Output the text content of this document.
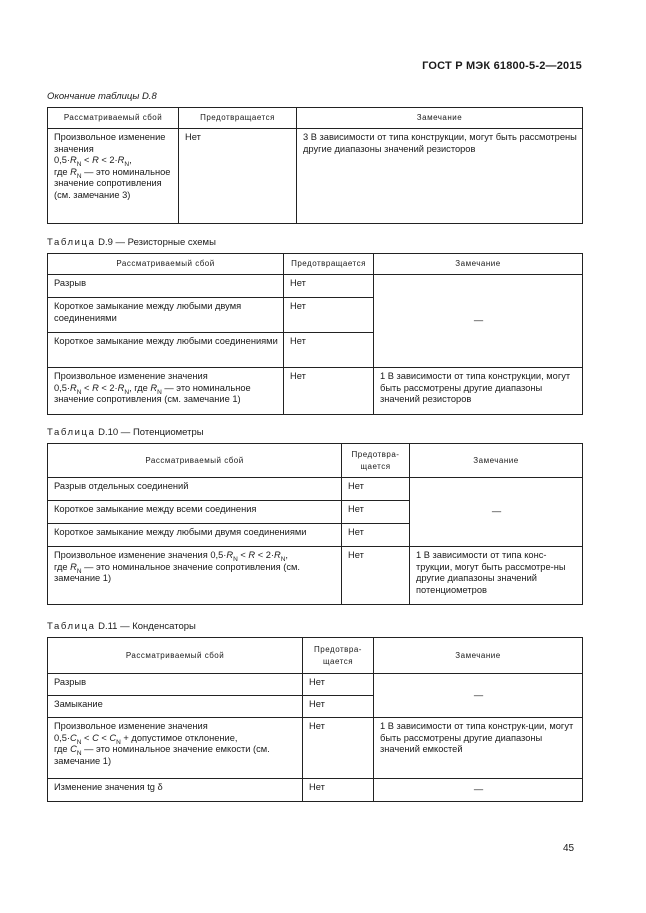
ГОСТ Р МЭК 61800-5-2—2015
Окончание таблицы D.8
Рассматриваемый сбой	Предотвращается	Замечание
Произвольное изменение значения
$0,5\cdot R_N < R < 2\cdot R_N$,
где $R_N$ — это номинальное значение сопротивления (см. замечание 3)	Нет	3 В зависимости от типа конструкции, могут быть рассмотрены другие диапазоны значений резисторов
Таблица D.9 — Резисторные схемы
Рассматриваемый сбой	Предотвращается	Замечание
Разрыв	Нет	—
Короткое замыкание между любыми двумя соединениями	Нет	
Короткое замыкание между любыми соединениями	Нет	
Произвольное изменение значения
$0,5\cdot R_N < R < 2\cdot R_N$, где $R_N$ — это номинальное
значение сопротивления (см. замечание 1)	Нет	1 В зависимости от типа конструкции, могут быть рассмотрены другие диапазоны значений резисторов
Таблица D.10 — Потенциометры
Рассматриваемый сбой	Предотвра-щается	Замечание
Разрыв отдельных соединений	Нет	—
Короткое замыкание между всеми соединения	Нет	
Короткое замыкание между любыми двумя соединениями	Нет	
Произвольное изменение значения $0,5\cdot R_N < R < 2\cdot R_N$,
где $R_N$ — это номинальное значение сопротивления (см. замечание 1)	Нет	1 В зависимости от типа конс-трукции, могут быть рассмотре-ны другие диапазоны значений потенциометров
Таблица D.11 — Конденсаторы
Рассматриваемый сбой	Предотвра-щается	Замечание
Разрыв	Нет	—
Замыкание	Нет	
Произвольное изменение значения
$0,5\cdot C_N < C < C_N$ + допустимое отклонение,
где $C_N$ — это номинальное значение емкости (см. замечание 1)	Нет	1 В зависимости от типа конструк-ции, могут быть рассмотрены другие диапазоны значений емкостей
Изменение значения tg δ	Нет	—
45
